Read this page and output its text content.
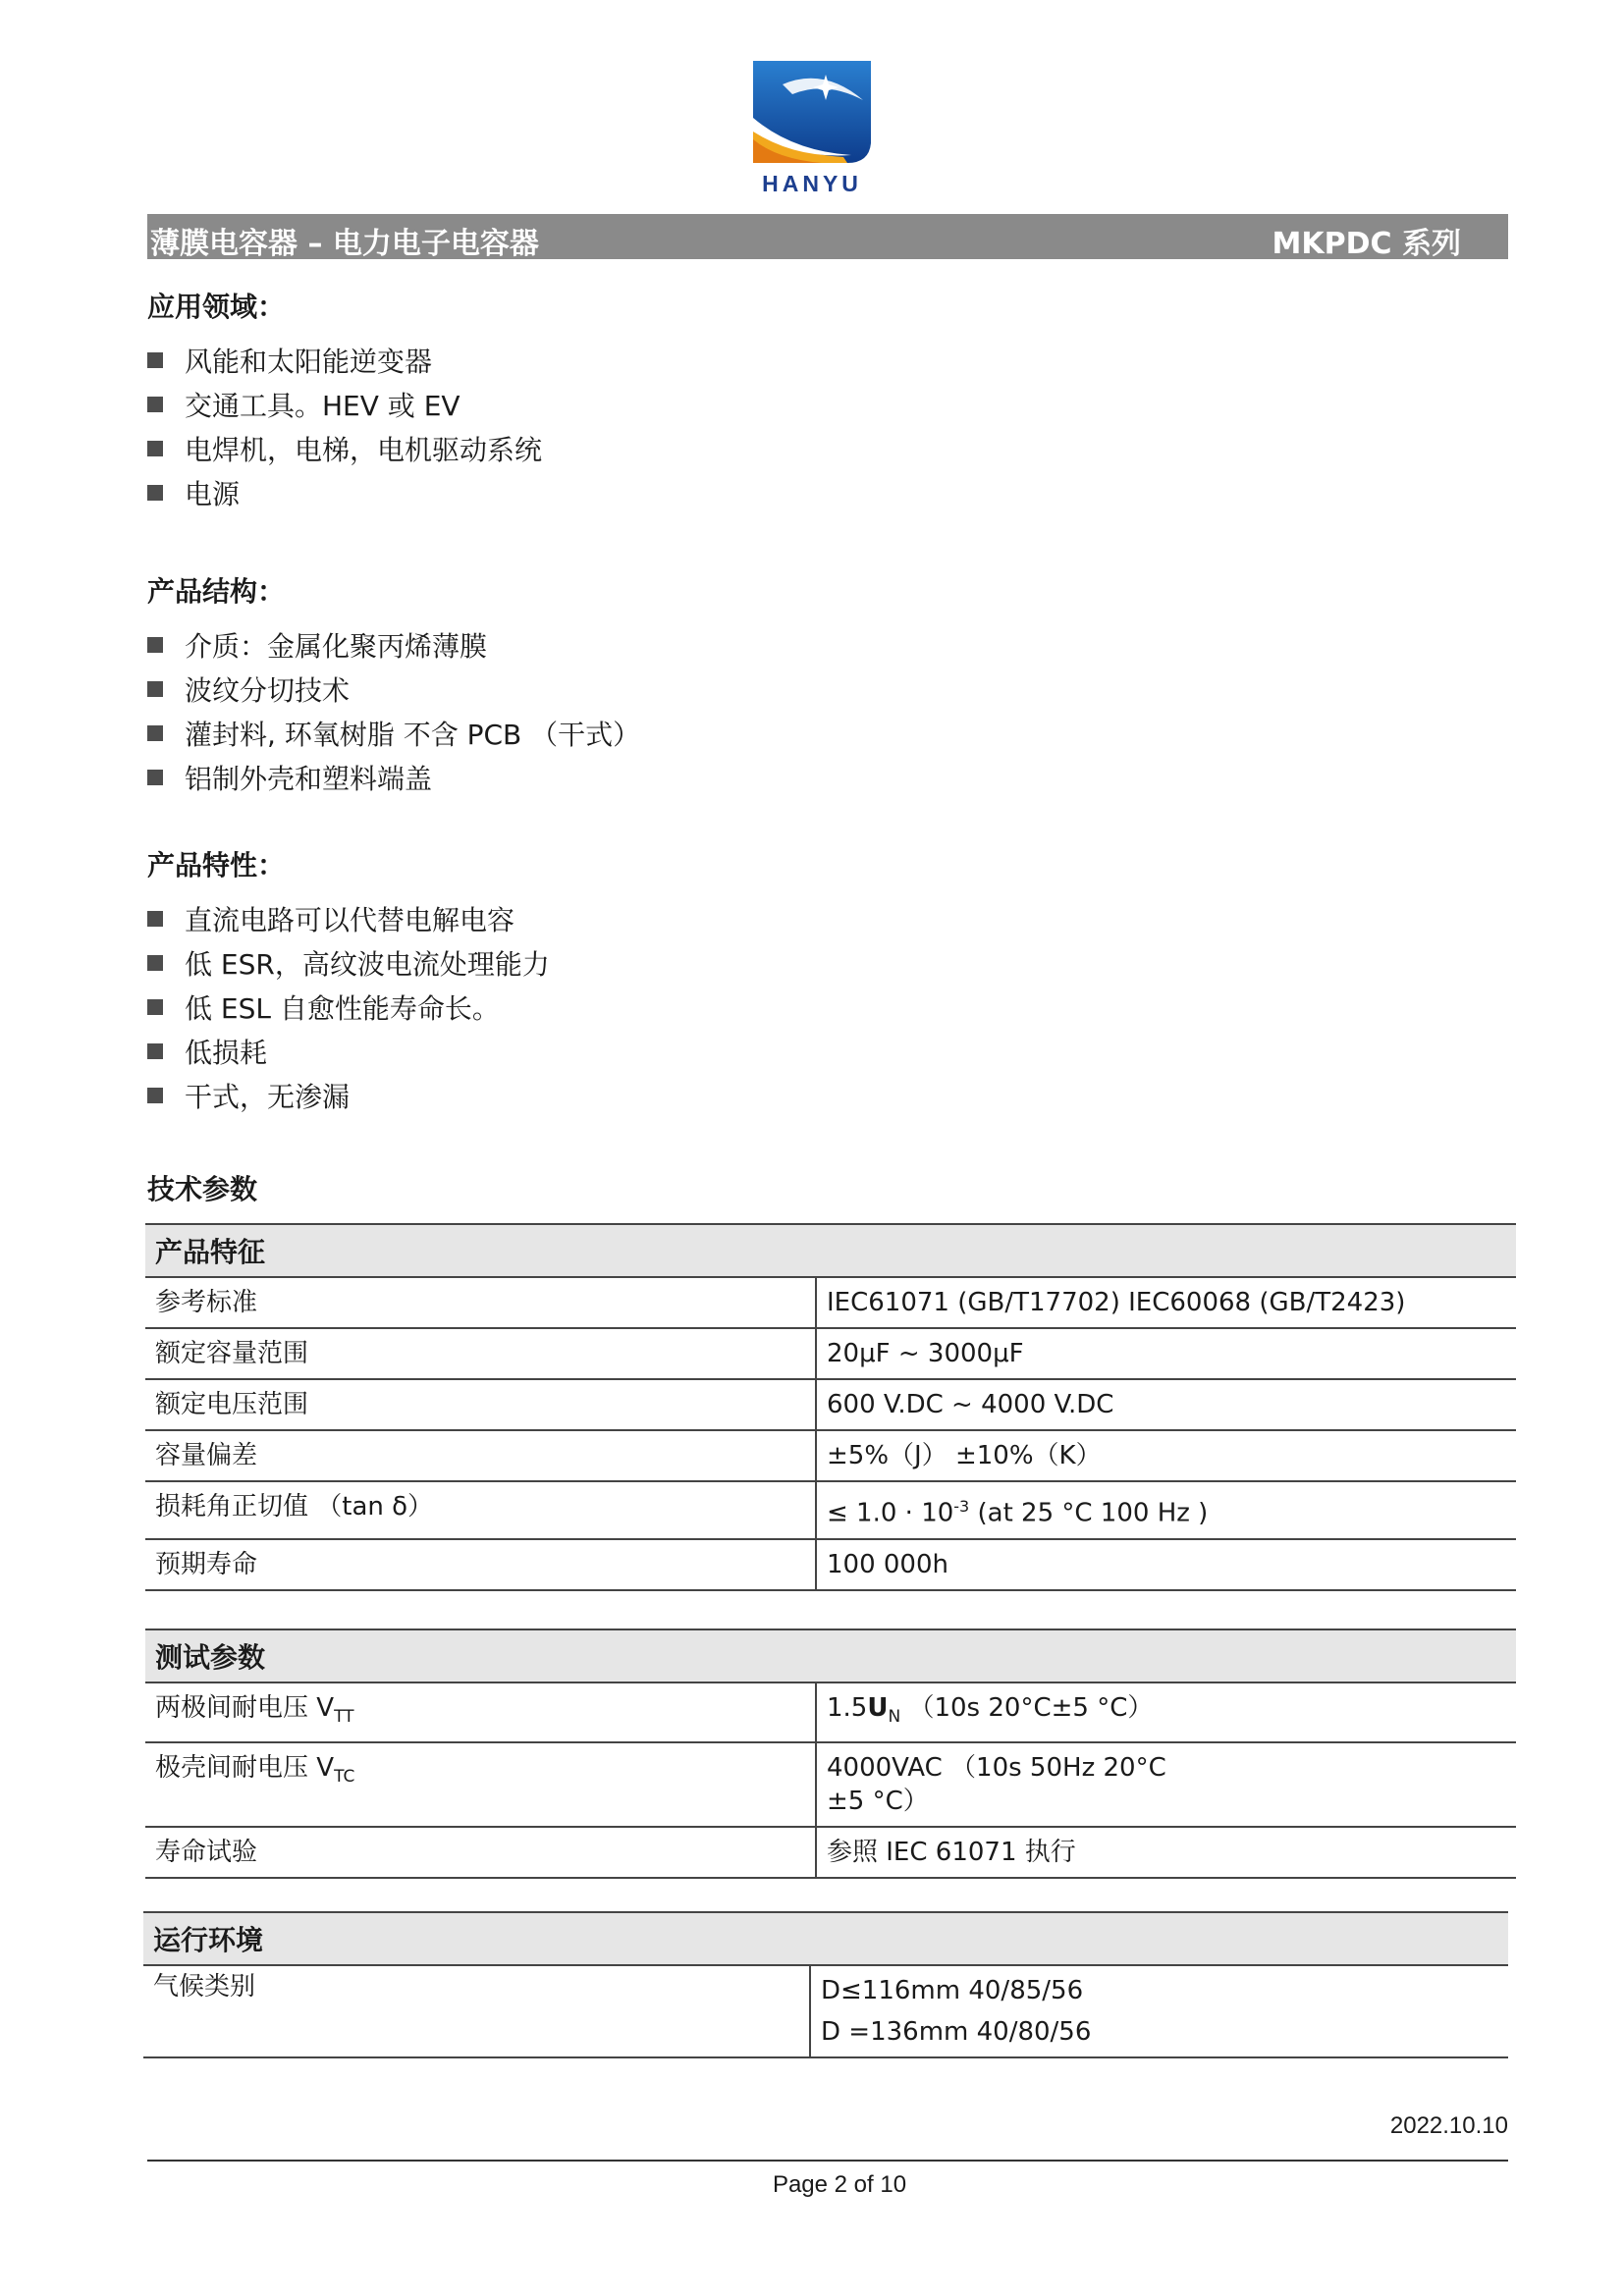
HANYU
薄膜电容器 – 电力电子电容器	MKPDC 系列
应用领域：
风能和太阳能逆变器
交通工具。HEV 或 EV
电焊机，电梯，电机驱动系统
电源
产品结构：
介质：金属化聚丙烯薄膜
波纹分切技术
灌封料, 环氧树脂 不含 PCB （干式）
铝制外壳和塑料端盖
产品特性：
直流电路可以代替电解电容
低 ESR，高纹波电流处理能力
低 ESL 自愈性能寿命长。
低损耗
干式，无渗漏
技术参数
产品特征	
参考标准	IEC61071 (GB/T17702) IEC60068 (GB/T2423)
额定容量范围	20μF ~ 3000μF
额定电压范围	600 V.DC ~ 4000 V.DC
容量偏差	±5%（J） ±10%（K）
损耗角正切值 （tan δ）	≤ $1.0 \cdot 10^{-3}$ (at 25 °C 100 Hz )
预期寿命	100 000h
测试参数	
两极间耐电压 $V_{TT}$	$1.5U_N$ （10s 20°C±5 °C）
极壳间耐电压 $V_{TC}$	4000VAC （10s 50Hz 20°C
±5 °C）

寿命试验	参照 IEC 61071 执行
运行环境
气候类别	D≤116mm 40/85/56
D =136mm 40/80/56
2022.10.10
Page 2 of 10
